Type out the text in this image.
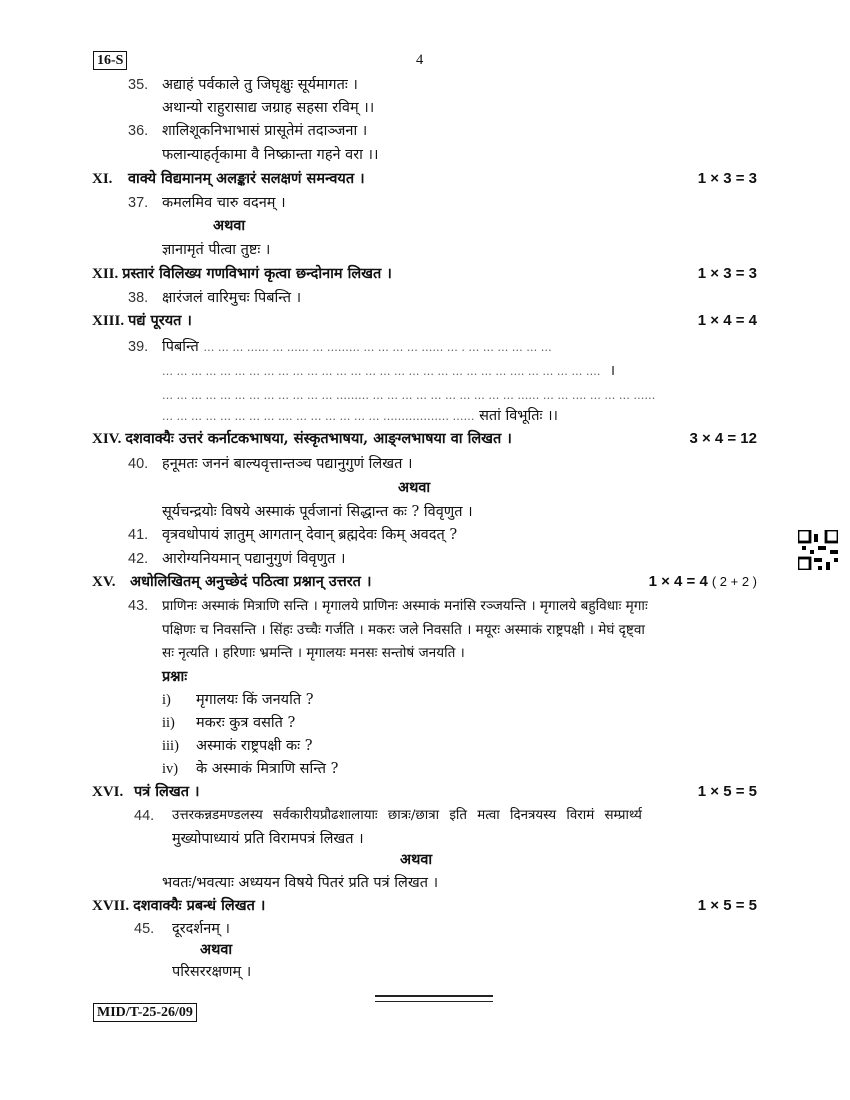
16-S	4
35. अद्याहं पर्वकाले तु जिघृक्षुः सूर्यमागतः ।
अथान्यो राहुरासाद्य जग्राह सहसा रविम् ।।
36. शालिशूकनिभाभासं प्रासूतेमं तदाञ्जना ।
फलान्याहर्तृकामा वै निष्क्रान्ता गहने वरा ।।
XI.	वाक्ये विद्यमानम् अलङ्कारं सलक्षणं समन्वयत ।	1 × 3 = 3
37. कमलमिव चारु वदनम् ।
अथवा
ज्ञानामृतं पीत्वा तुष्टः ।
XII. प्रस्तारं विलिख्य गणविभागं कृत्वा छन्दोनाम लिखत ।	1 × 3 = 3
38. क्षारंजलं वारिमुचः पिबन्ति ।
XIII. पद्यं पूरयत ।	1 × 4 = 4
39. पिबन्ति … … … …… … …… … ……… … … … … …… … . … … … … … …
… … … … … … … … … … … … … … … … … … … … … … … … …. … … … … …. ।
… … … … … … … … … … … … ……… … … … … … … … … … … …… … … …. … … … ……
… … … … … … … … …. … … … … … … ……………… …… सतां विभूतिः ।।
XIV. दशवाक्यैः उत्तरं कर्नाटकभाषया, संस्कृतभाषया, आङ्ग्लभाषया वा लिखत ।	3 × 4 = 12
40. हनूमतः जननं बाल्यवृत्तान्तञ्च पद्यानुगुणं लिखत ।
अथवा
सूर्यचन्द्रयोः विषये अस्माकं पूर्वजानां सिद्धान्त कः ? विवृणुत ।
41. वृत्रवधोपायं ज्ञातुम् आगतान् देवान् ब्रह्मदेवः किम् अवदत् ?
42. आरोग्यनियमान् पद्यानुगुणं विवृणुत ।
XV.	अधोलिखितम् अनुच्छेदं पठित्वा प्रश्नान् उत्तरत ।	1 × 4 = 4 ( 2 + 2 )
43. प्राणिनः अस्माकं मित्राणि सन्ति । मृगालये प्राणिनः अस्माकं मनांसि रञ्जयन्ति । मृगालये बहुविधाः मृगाः
पक्षिणः च निवसन्ति । सिंहः उच्चैः गर्जति । मकरः जले निवसति । मयूरः अस्माकं राष्ट्रपक्षी । मेघं दृष्ट्वा
सः नृत्यति । हरिणाः भ्रमन्ति । मृगालयः मनसः सन्तोषं जनयति ।
प्रश्नाः
i) मृगालयः किं जनयति ?
ii) मकरः कुत्र वसति ?
iii) अस्माकं राष्ट्रपक्षी कः ?
iv) के अस्माकं मित्राणि सन्ति ?
XVI. पत्रं लिखत ।	1 × 5 = 5
44. उत्तरकन्नडमण्डलस्य सर्वकारीयप्रौढशालायाः छात्रः/छात्रा इति मत्वा दिनत्रयस्य विरामं सम्प्रार्थ्य
मुख्योपाध्यायं प्रति विरामपत्रं लिखत ।
अथवा
भवतः/भवत्याः अध्ययन विषये पितरं प्रति पत्रं लिखत ।
XVII. दशवाक्यैः प्रबन्धं लिखत ।	1 × 5 = 5
45. दूरदर्शनम् ।
अथवा
परिसररक्षणम् ।
MID/T-25-26/09
